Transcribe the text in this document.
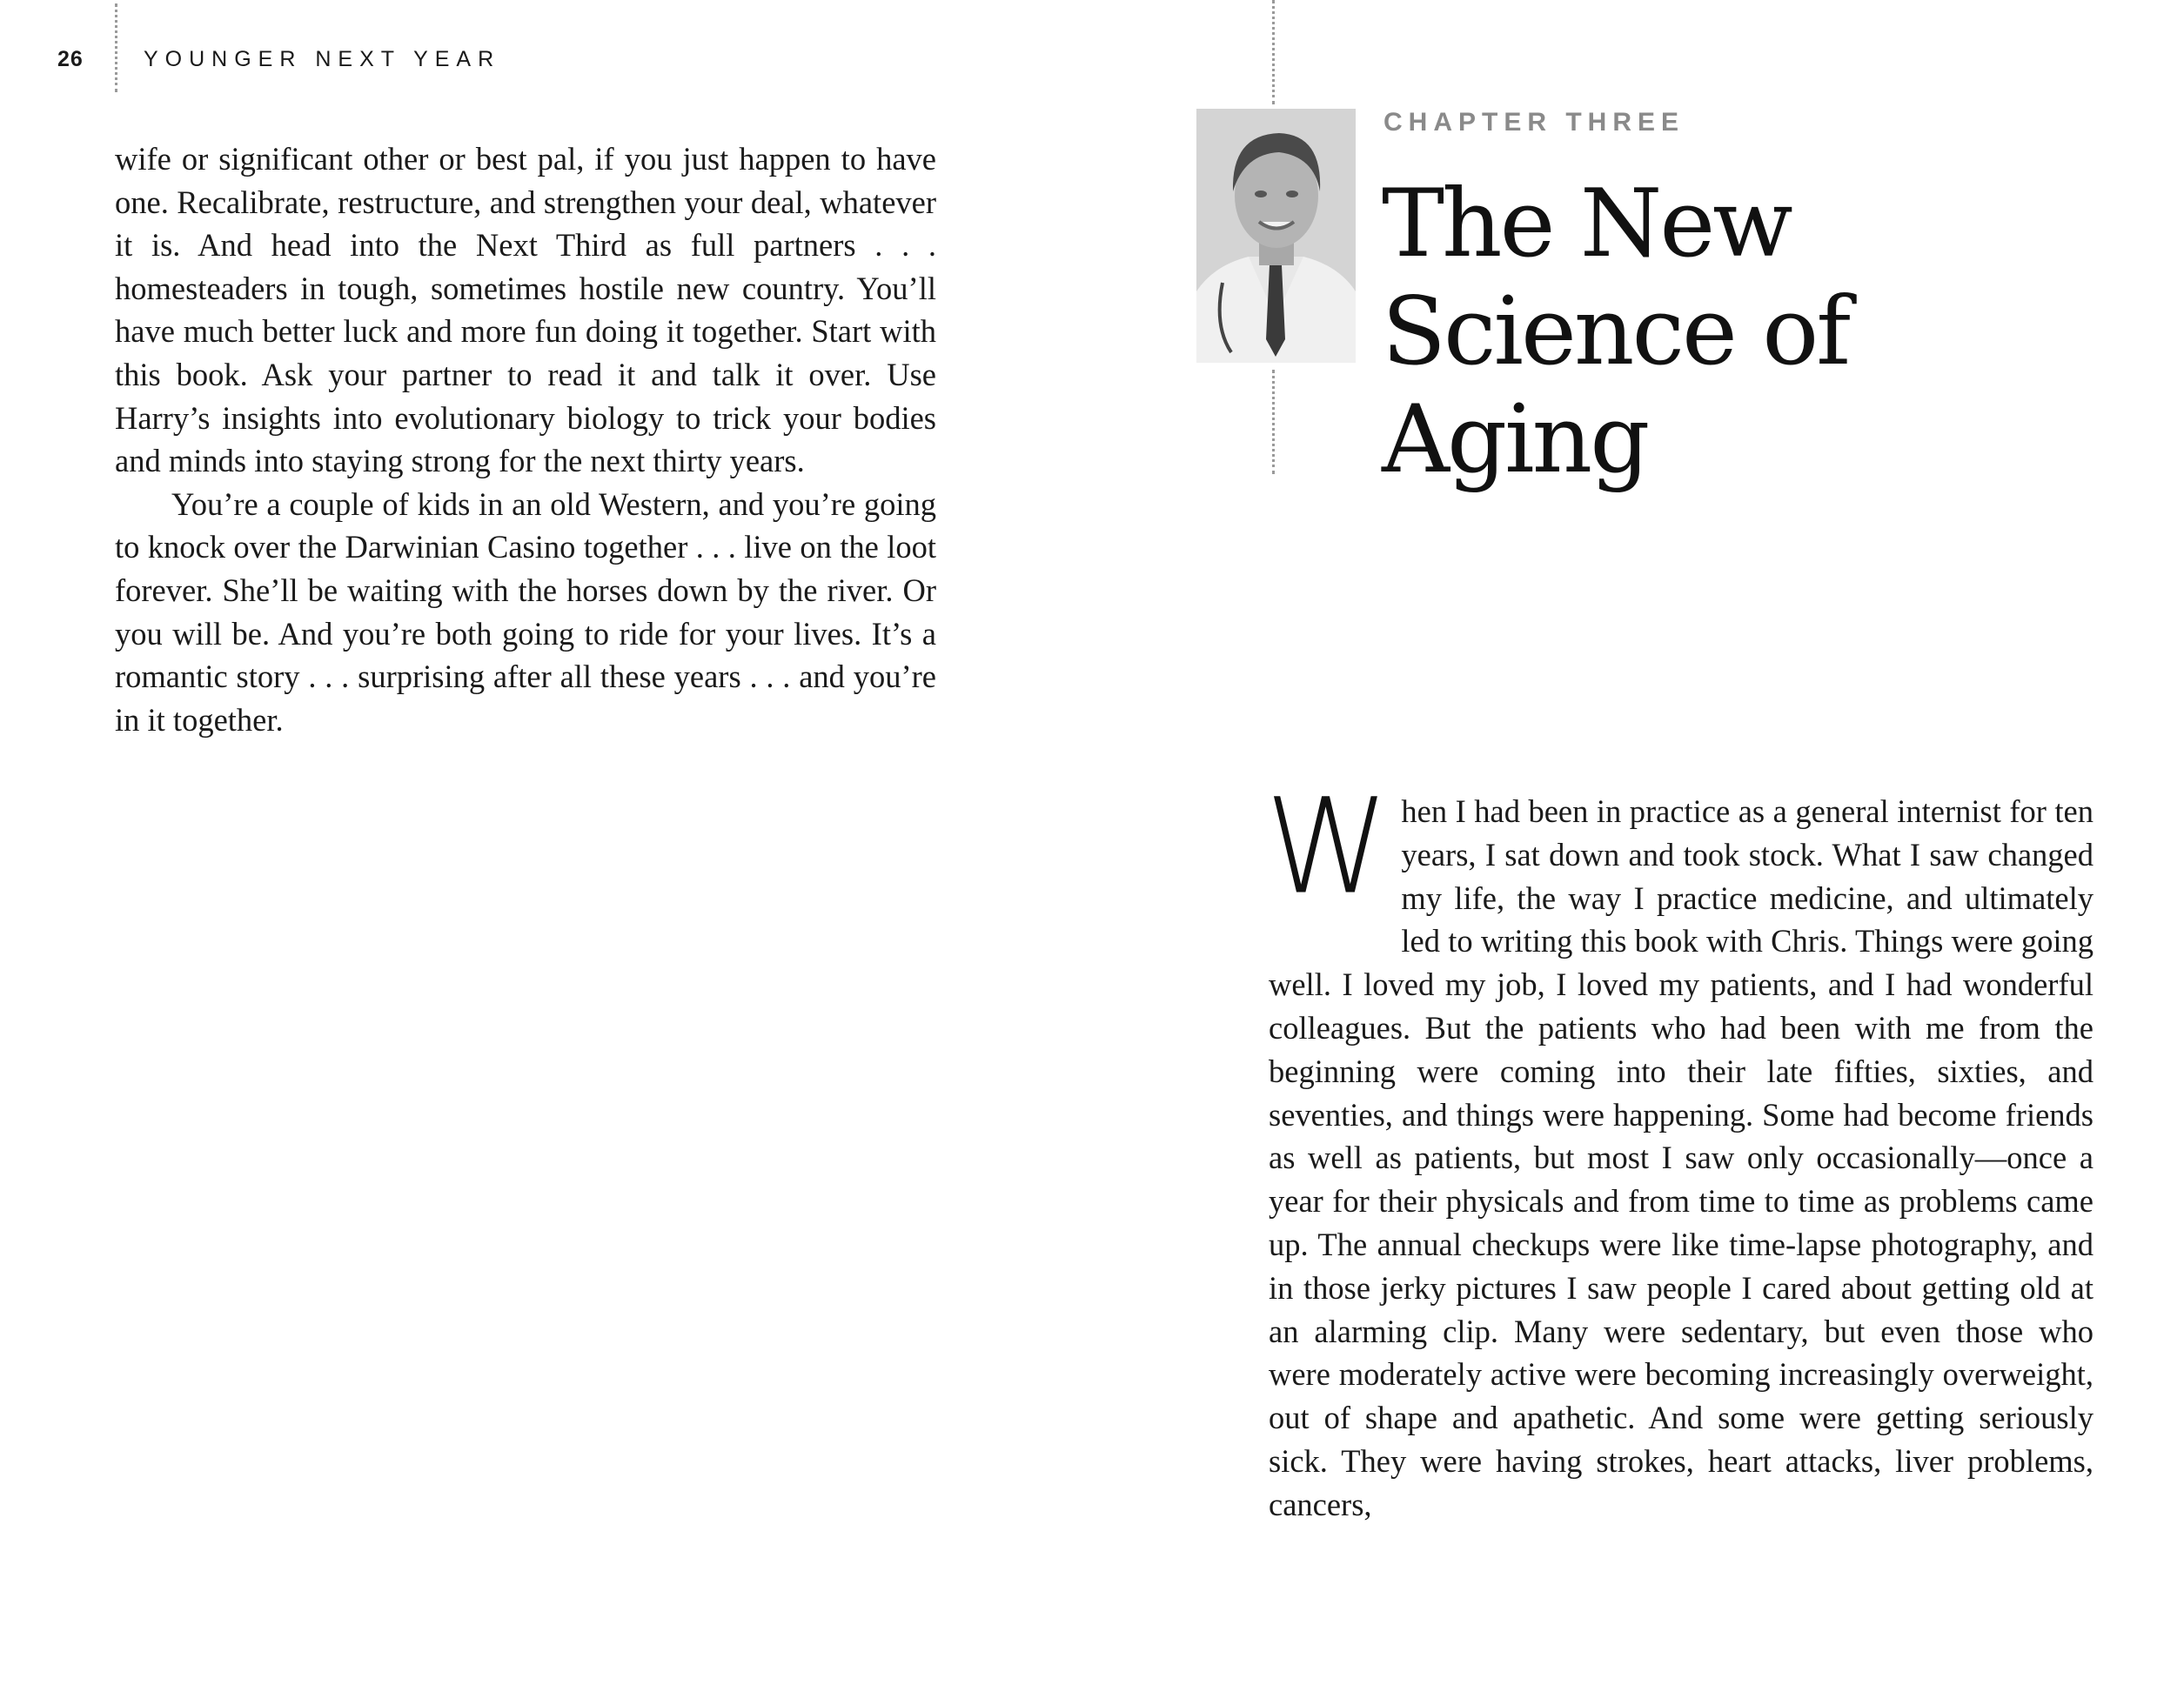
26	YOUNGER NEXT YEAR

wife or significant other or best pal, if you just happen to have one. Recalibrate, restructure, and strengthen your deal, whatever it is. And head into the Next Third as full partners . . . homesteaders in tough, sometimes hostile new country. You’ll have much better luck and more fun doing it together. Start with this book. Ask your partner to read it and talk it over. Use Harry’s insights into evolutionary biology to trick your bodies and minds into staying strong for the next thirty years.

You’re a couple of kids in an old Western, and you’re going to knock over the Darwinian Casino together . . . live on the loot forever. She’ll be waiting with the horses down by the river. Or you will be. And you’re both going to ride for your lives. It’s a romantic story . . . surprising after all these years . . . and you’re in it together.

CHAPTER THREE
The New Science of Aging
W hen I had been in practice as a general internist for ten years, I sat down and took stock. What I saw changed my life, the way I practice medicine, and ultimately led to writing this book with Chris. Things were going well. I loved my job, I loved my patients, and I had wonderful colleagues. But the patients who had been with me from the beginning were coming into their late fifties, sixties, and seventies, and things were happening. Some had become friends as well as patients, but most I saw only occasionally—once a year for their physicals and from time to time as problems came up. The annual checkups were like time-lapse photography, and in those jerky pictures I saw people I cared about getting old at an alarming clip. Many were sedentary, but even those who were moderately active were becoming increasingly overweight, out of shape and apathetic. And some were getting seriously sick. They were having strokes, heart attacks, liver problems, cancers,
